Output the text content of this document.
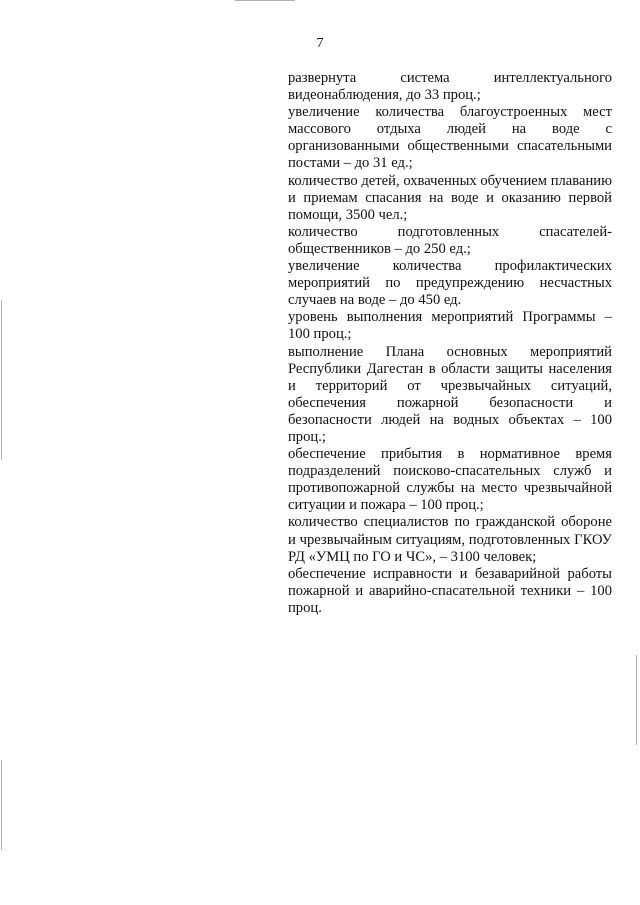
7

развернута система интеллектуального видеонаблюдения, до 33 проц.;

увеличение количества благоустроенных мест массового отдыха людей на воде с организованными общественными спасательными постами – до 31 ед.;

количество детей, охваченных обучением плаванию и приемам спасания на воде и оказанию первой помощи, 3500 чел.;

количество подготовленных спасателей-общественников – до 250 ед.;

увеличение количества профилактических мероприятий по предупреждению несчастных случаев на воде – до 450 ед.

уровень выполнения мероприятий Программы – 100 проц.;

выполнение Плана основных мероприятий Республики Дагестан в области защиты населения и территорий от чрезвычайных ситуаций, обеспечения пожарной безопасности и безопасности людей на водных объектах – 100 проц.;

обеспечение прибытия в нормативное время подразделений поисково-спасательных служб и противопожарной службы на место чрезвычайной ситуации и пожара – 100 проц.;

количество специалистов по гражданской обороне и чрезвычайным ситуациям, подготовленных ГКОУ РД «УМЦ по ГО и ЧС», – 3100 человек;

обеспечение исправности и безаварийной работы пожарной и аварийно-спасательной техники – 100 проц.
